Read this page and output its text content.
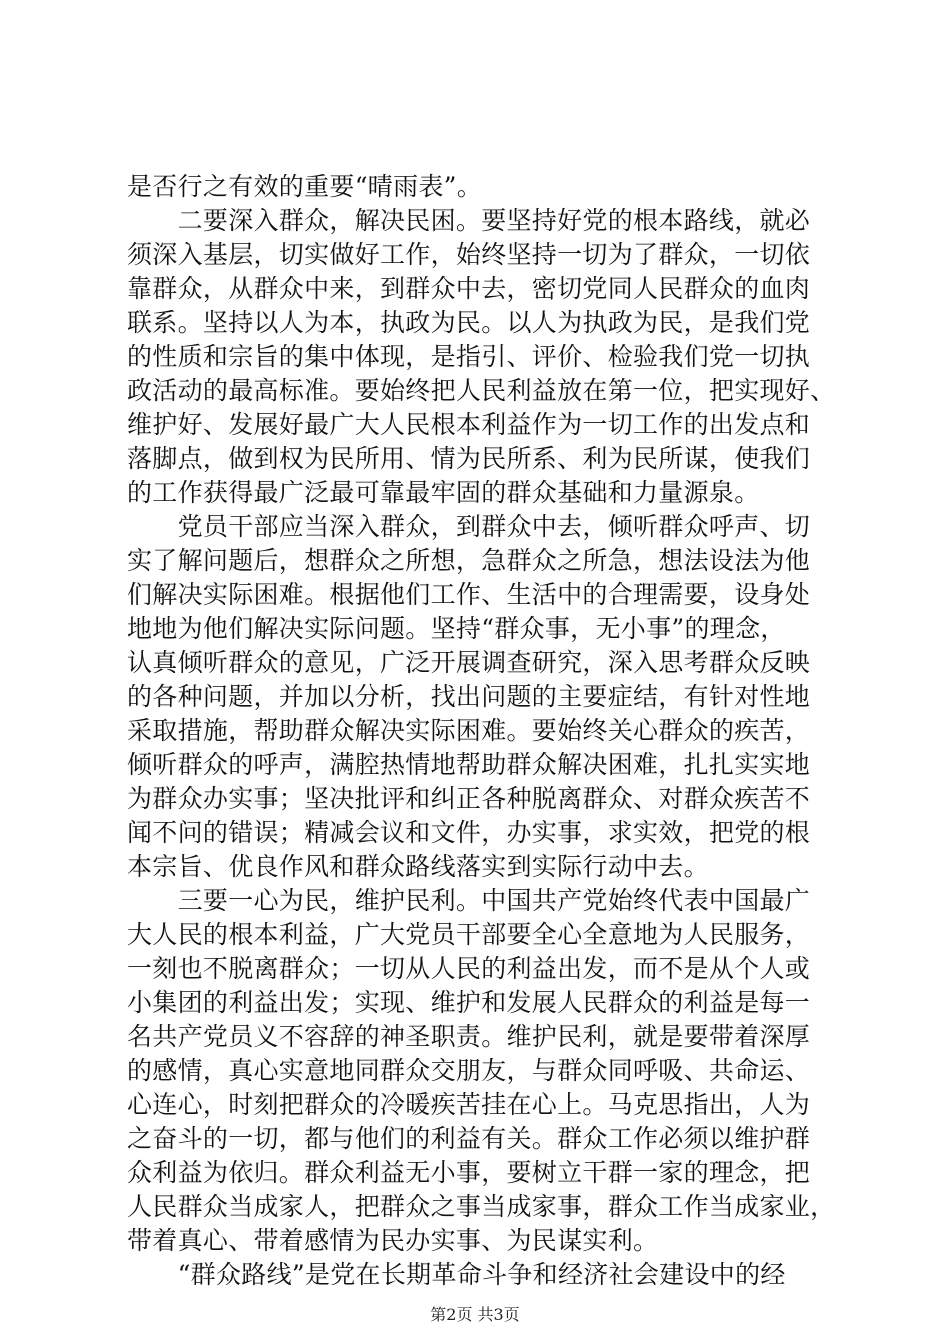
是否行之有效的重要“晴雨表”。
　　二要深入群众，解决民困。要坚持好党的根本路线，就必
须深入基层，切实做好工作，始终坚持一切为了群众，一切依
靠群众，从群众中来，到群众中去，密切党同人民群众的血肉
联系。坚持以人为本，执政为民。以人为执政为民，是我们党
的性质和宗旨的集中体现，是指引、评价、检验我们党一切执
政活动的最高标准。要始终把人民利益放在第一位，把实现好、
维护好、发展好最广大人民根本利益作为一切工作的出发点和
落脚点，做到权为民所用、情为民所系、利为民所谋，使我们
的工作获得最广泛最可靠最牢固的群众基础和力量源泉。
　　党员干部应当深入群众，到群众中去，倾听群众呼声、切
实了解问题后，想群众之所想，急群众之所急，想法设法为他
们解决实际困难。根据他们工作、生活中的合理需要，设身处
地地为他们解决实际问题。坚持“群众事，无小事”的理念，
认真倾听群众的意见，广泛开展调查研究，深入思考群众反映
的各种问题，并加以分析，找出问题的主要症结，有针对性地
采取措施，帮助群众解决实际困难。要始终关心群众的疾苦，
倾听群众的呼声，满腔热情地帮助群众解决困难，扎扎实实地
为群众办实事；坚决批评和纠正各种脱离群众、对群众疾苦不
闻不问的错误；精减会议和文件，办实事，求实效，把党的根
本宗旨、优良作风和群众路线落实到实际行动中去。
　　三要一心为民，维护民利。中国共产党始终代表中国最广
大人民的根本利益，广大党员干部要全心全意地为人民服务，
一刻也不脱离群众；一切从人民的利益出发，而不是从个人或
小集团的利益出发；实现、维护和发展人民群众的利益是每一
名共产党员义不容辞的神圣职责。维护民利，就是要带着深厚
的感情，真心实意地同群众交朋友，与群众同呼吸、共命运、
心连心，时刻把群众的冷暖疾苦挂在心上。马克思指出，人为
之奋斗的一切，都与他们的利益有关。群众工作必须以维护群
众利益为依归。群众利益无小事，要树立干群一家的理念，把
人民群众当成家人，把群众之事当成家事，群众工作当成家业，
带着真心、带着感情为民办实事、为民谋实利。
　　“群众路线”是党在长期革命斗争和经济社会建设中的经
第2页 共3页
